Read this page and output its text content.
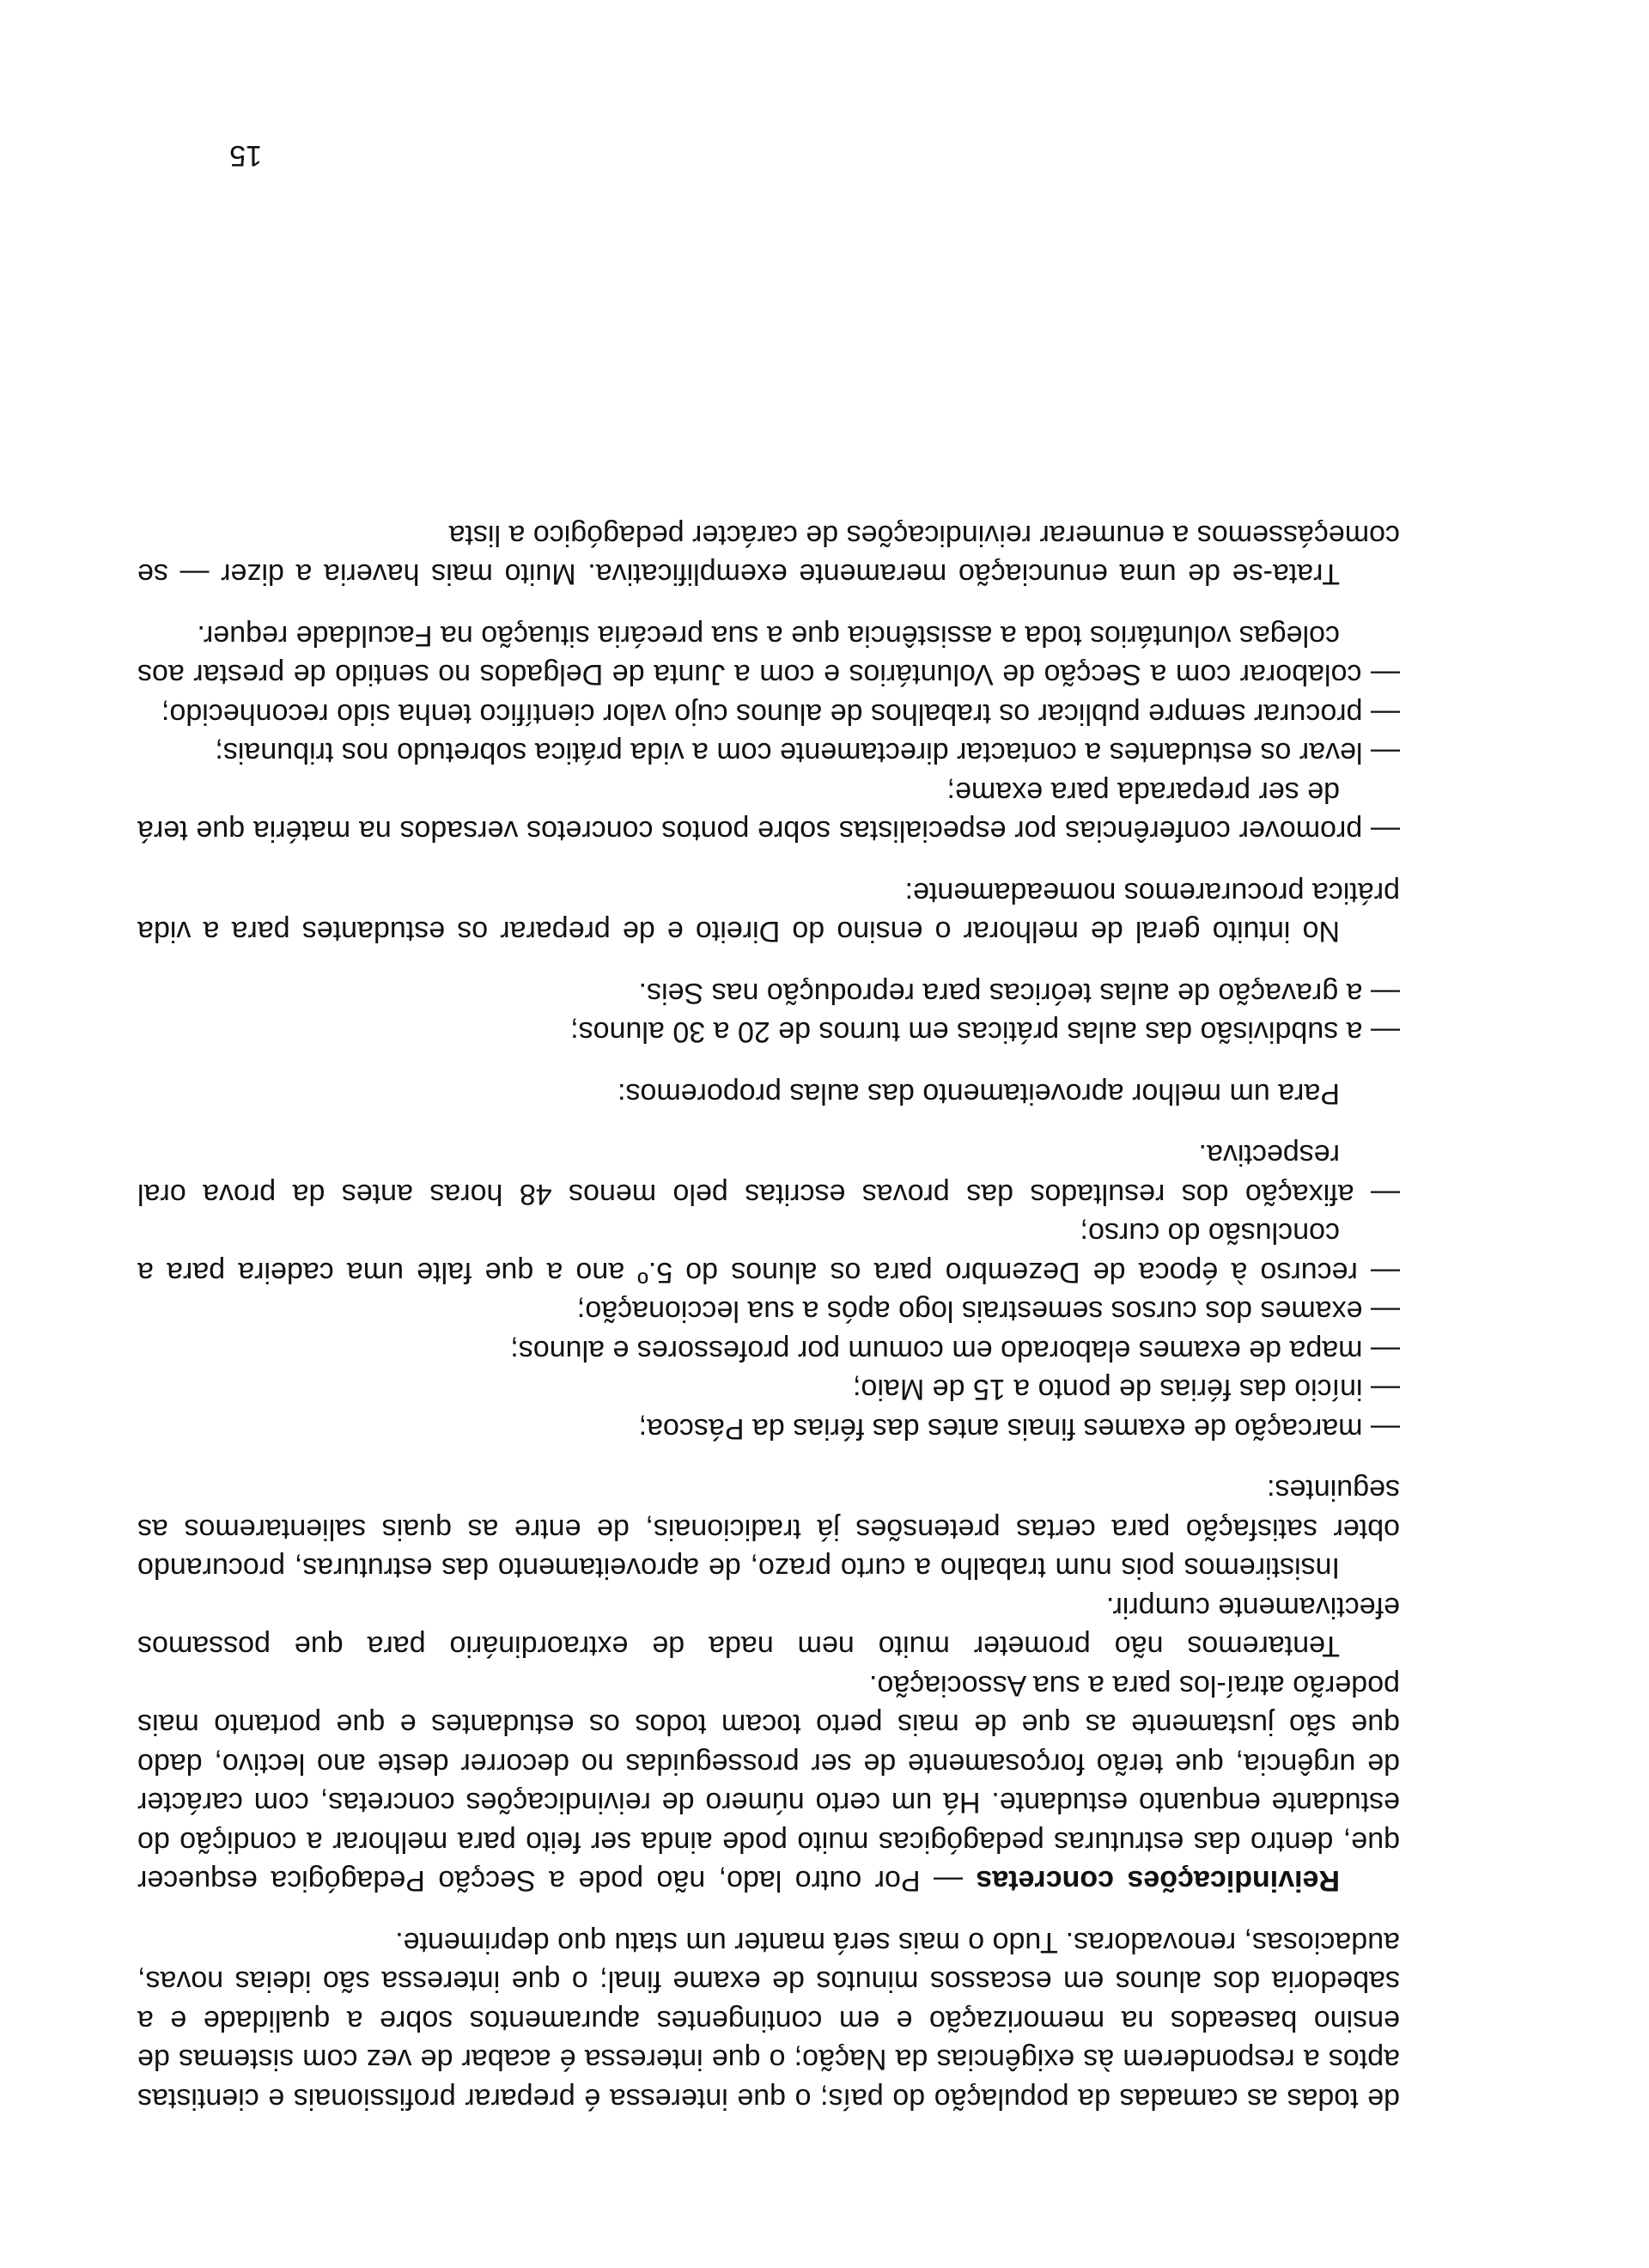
de todas as camadas da população do país; o que interessa é preparar profissionais e cientistas aptos a responderem às exigências da Nação; o que interessa é acabar de vez com sistemas de ensino baseados na memorização e em contingentes apuramentos sobre a qualidade e a sabedoria dos alunos em escassos minutos de exame final; o que interessa são ideias novas, audaciosas, renovadoras. Tudo o mais será manter um statu quo deprimente.

Reivindicações concretas — Por outro lado, não pode a Secção Pedagógica esquecer que, dentro das estruturas pedagógicas muito pode ainda ser feito para melhorar a condição do estudante enquanto estudante. Há um certo número de reivindicações concretas, com carácter de urgência, que terão forçosamente de ser prosseguidas no decorrer deste ano lectivo, dado que são justamente as que de mais perto tocam todos os estudantes e que portanto mais poderão atraí-los para a sua Associação.

Tentaremos não prometer muito nem nada de extraordinário para que possamos efectivamente cumprir.

Insistiremos pois num trabalho a curto prazo, de aproveitamento das estruturas, procurando obter satisfação para certas pretensões já tradicionais, de entre as quais salientaremos as seguintes:

— marcação de exames finais antes das férias da Páscoa;

— início das férias de ponto a 15 de Maio;

— mapa de exames elaborado em comum por professores e alunos;

— exames dos cursos semestrais logo após a sua leccionação;

— recurso à época de Dezembro para os alunos do 5.º ano a que falte uma cadeira para a conclusão do curso;

— afixação dos resultados das provas escritas pelo menos 48 horas antes da prova oral respectiva.

Para um melhor aproveitamento das aulas proporemos:

— a subdivisão das aulas práticas em turnos de 20 a 30 alunos;

— a gravação de aulas teóricas para reprodução nas Seis.

No intuito geral de melhorar o ensino do Direito e de preparar os estudantes para a vida prática procuraremos nomeadamente:

— promover conferências por especialistas sobre pontos concretos versados na matéria que terá de ser preparada para exame;

— levar os estudantes a contactar directamente com a vida prática sobretudo nos tribunais;

— procurar sempre publicar os trabalhos de alunos cujo valor científico tenha sido reconhecido;

— colaborar com a Secção de Voluntários e com a Junta de Delgados no sentido de prestar aos colegas voluntários toda a assistência que a sua precária situação na Faculdade requer.

Trata-se de uma enunciação meramente exemplificativa. Muito mais haveria a dizer — se começássemos a enumerar reivindicações de carácter pedagógico a lista

15
